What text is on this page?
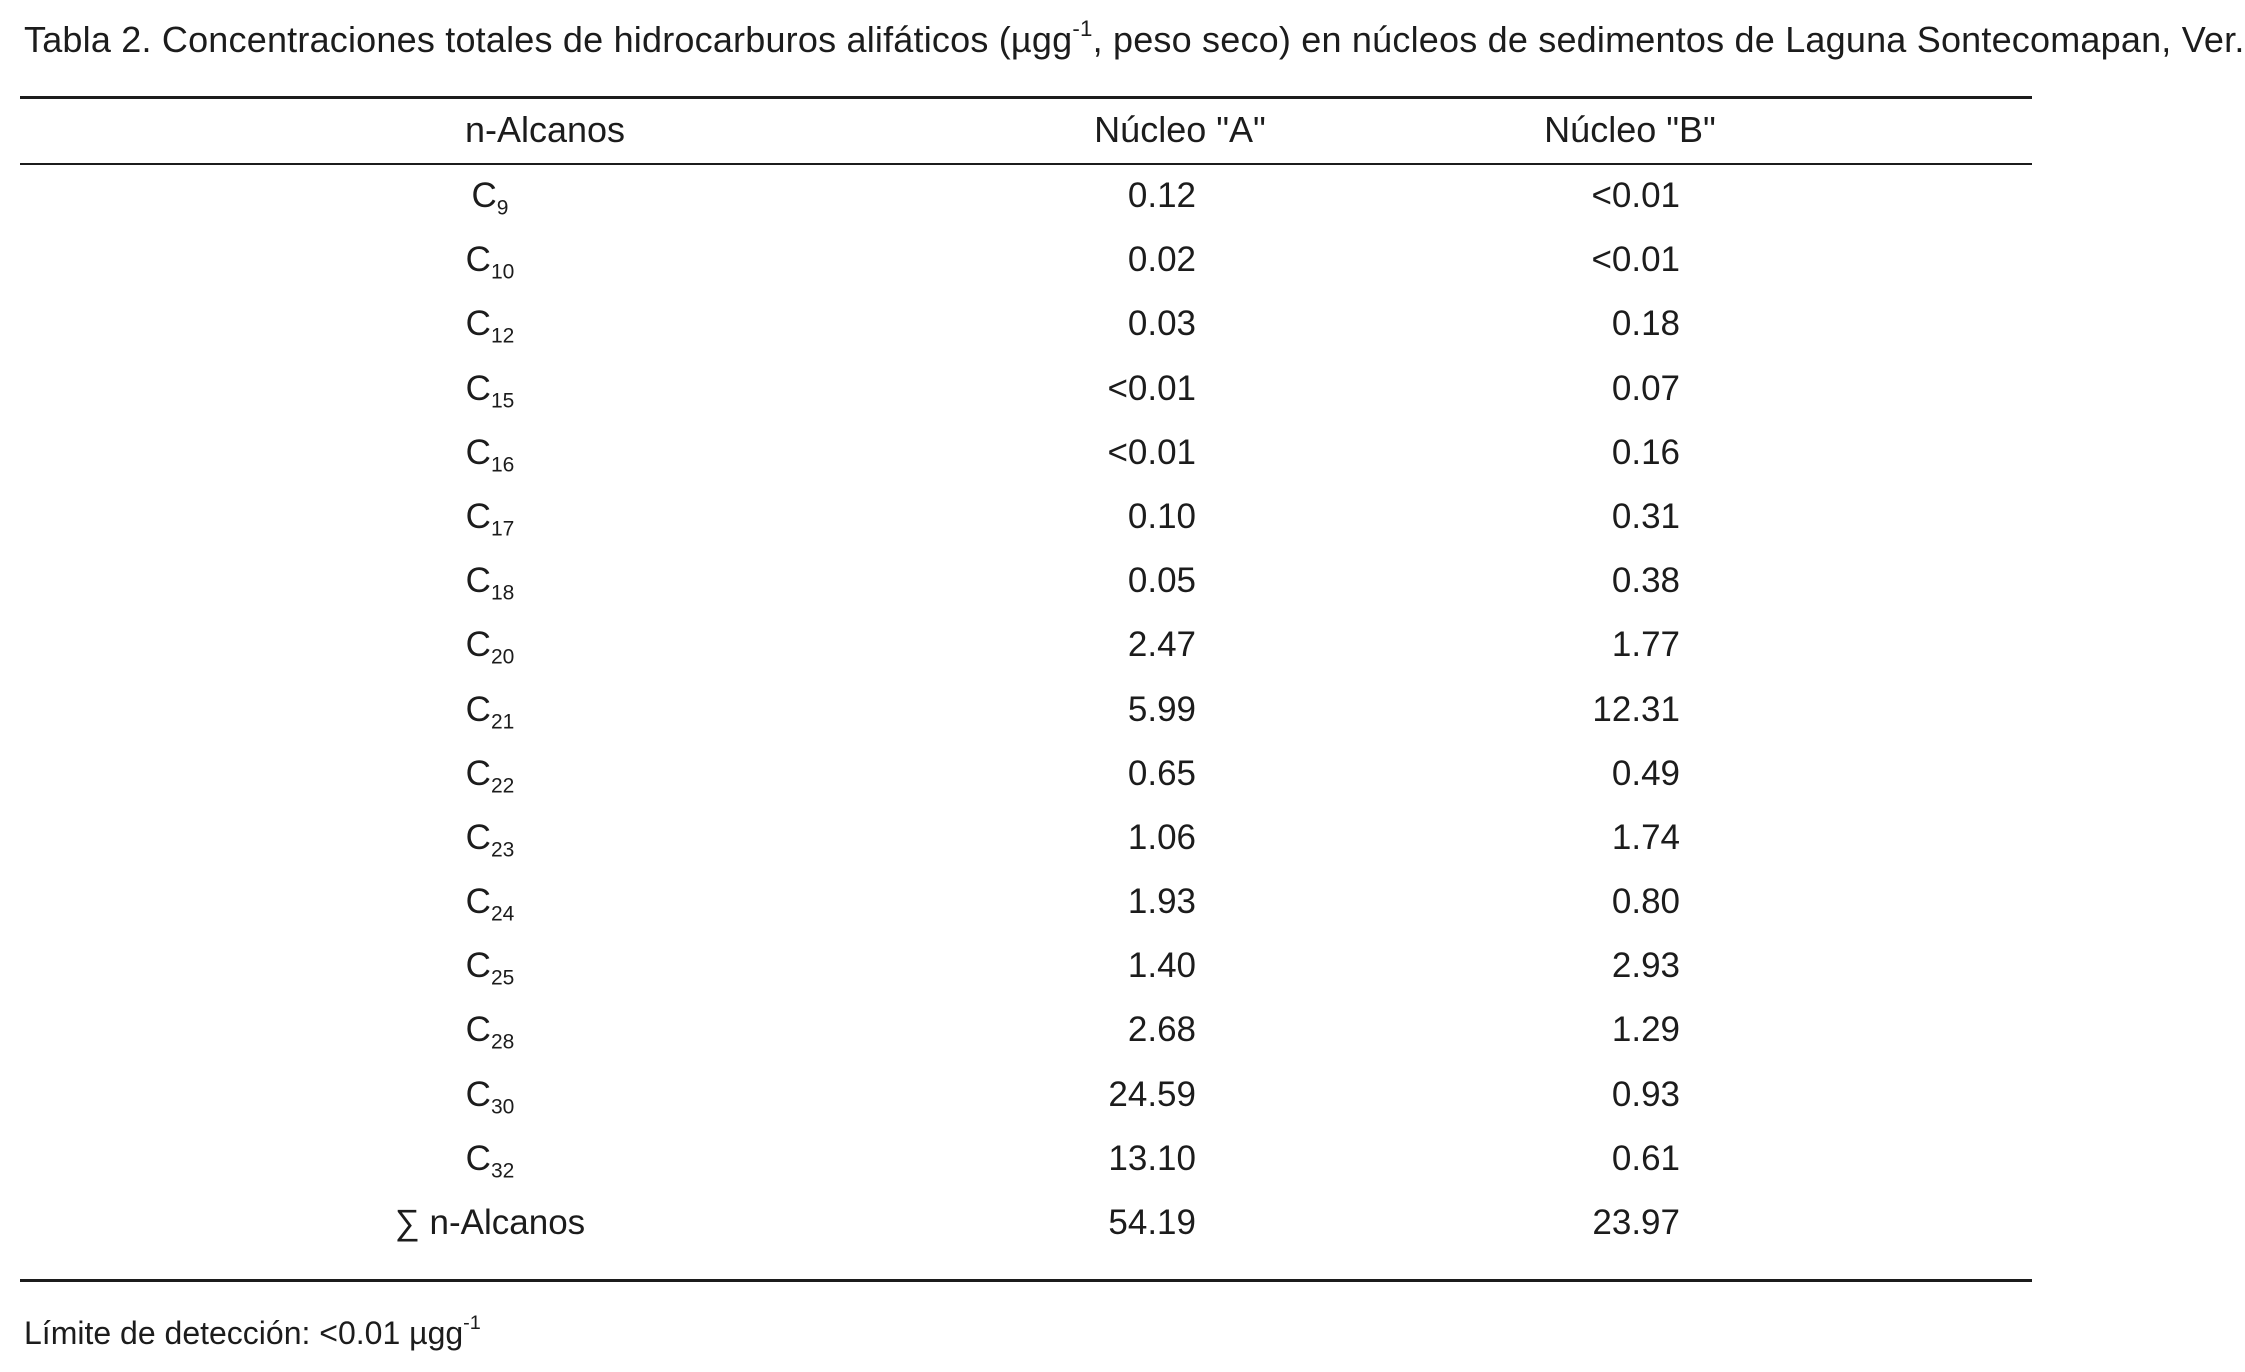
Tabla 2. Concentraciones totales de hidrocarburos alifáticos (µgg$^{-1}$, peso seco) en núcleos de sedimentos de Laguna Sontecomapan, Ver.
n-Alcanos	Núcleo "A"	Núcleo "B"
$C_9$	0.12	<0.01
$C_{10}$	0.02	<0.01
$C_{12}$	0.03	0.18
$C_{15}$	<0.01	0.07
$C_{16}$	<0.01	0.16
$C_{17}$	0.10	0.31
$C_{18}$	0.05	0.38
$C_{20}$	2.47	1.77
$C_{21}$	5.99	12.31
$C_{22}$	0.65	0.49
$C_{23}$	1.06	1.74
$C_{24}$	1.93	0.80
$C_{25}$	1.40	2.93
$C_{28}$	2.68	1.29
$C_{30}$	24.59	0.93
$C_{32}$	13.10	0.61
∑ n-Alcanos	54.19	23.97
Límite de detección: <0.01 µgg$^{-1}$
